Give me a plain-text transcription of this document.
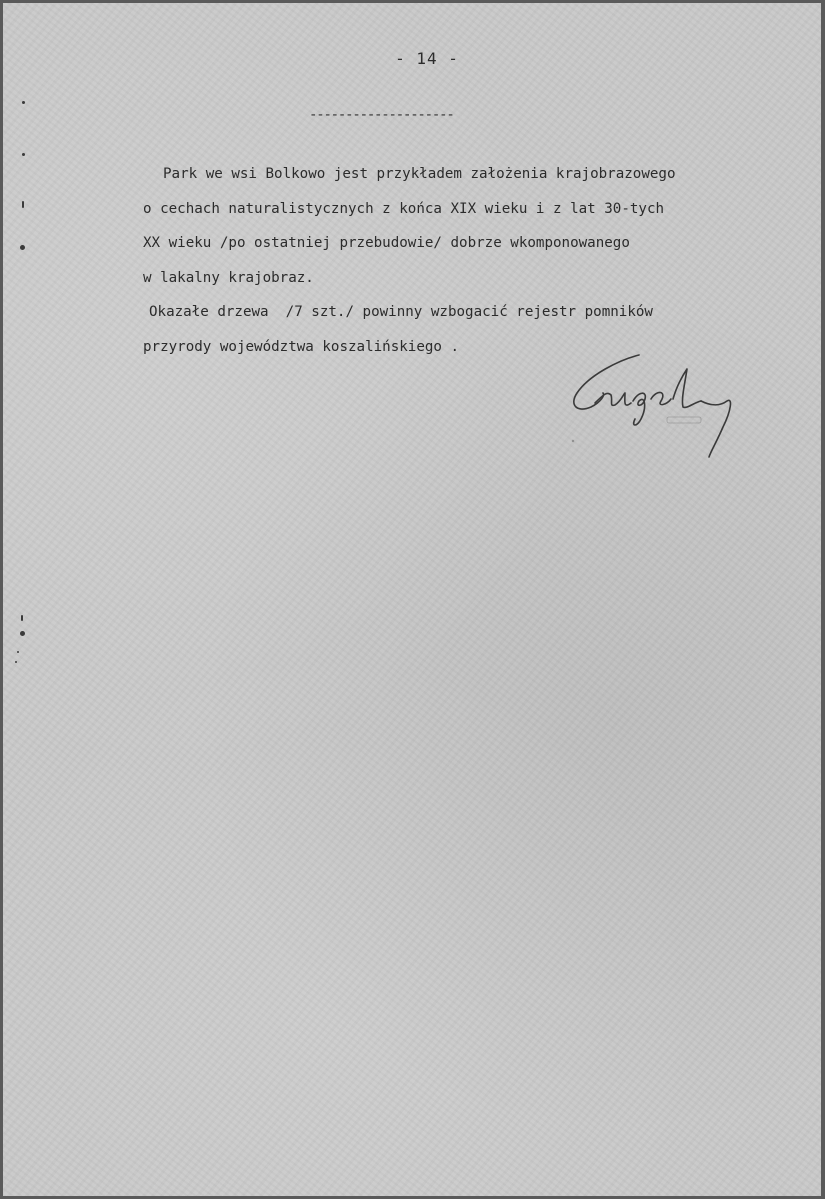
- 14 -
--------------------
Park we wsi Bolkowo jest przykładem założenia krajobrazowego
o cechach naturalistycznych z końca XIX wieku i z lat 30-tych
XX wieku /po ostatniej przebudowie/ dobrze wkomponowanego
w lakalny krajobraz.
Okazałe drzewa  /7 szt./ powinny wzbogacić rejestr pomników
przyrody województwa koszalińskiego .
